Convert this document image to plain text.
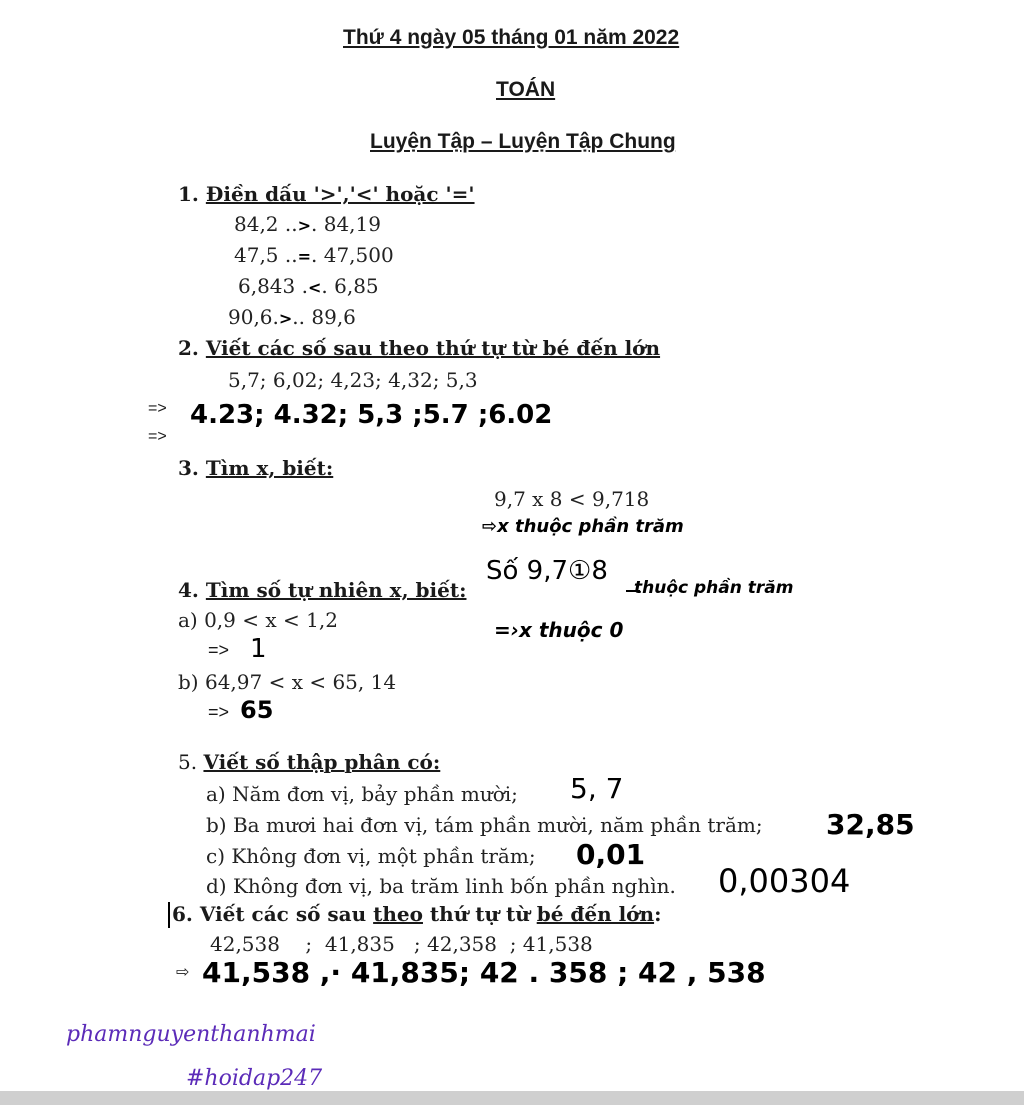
Thứ 4 ngày 05 tháng 01 năm 2022
TOÁN
Luyện Tập – Luyện Tập Chung
1. Điền dấu '>','<' hoặc '='
84,2 ..>. 84,19
47,5 ..=. 47,500
6,843 .<. 6,85
90,6.>.. 89,6
2. Viết các số sau theo thứ tự từ bé đến lớn
5,7; 6,02; 4,23; 4,32; 5,3
=>
=>
4.23; 4.32; 5,3 ;5.7 ;6.02
3. Tìm x, biết:
9,7 x 8 < 9,718
⇨x thuộc phần trăm
Số 9,7①8
thuộc phần trăm
=›x thuộc 0
4. Tìm số tự nhiên x, biết:
a) 0,9 < x < 1,2
=> 1
b) 64,97 < x < 65, 14
=> 65
5. Viết số thập phân có:
a) Năm đơn vị, bảy phần mười; 5, 7
b) Ba mươi hai đơn vị, tám phần mười, năm phần trăm; 32,85
c) Không đơn vị, một phần trăm; 0,01
d) Không đơn vị, ba trăm linh bốn phần nghìn. 0,00304
6. Viết các số sau theo thứ tự từ bé đến lớn:
42,538    ;  41,835   ; 42,358  ; 41,538
⇨ 41,538 ,· 41,835; 42 . 358 ; 42 , 538
phamnguyenthanhmai
#hoidap247
